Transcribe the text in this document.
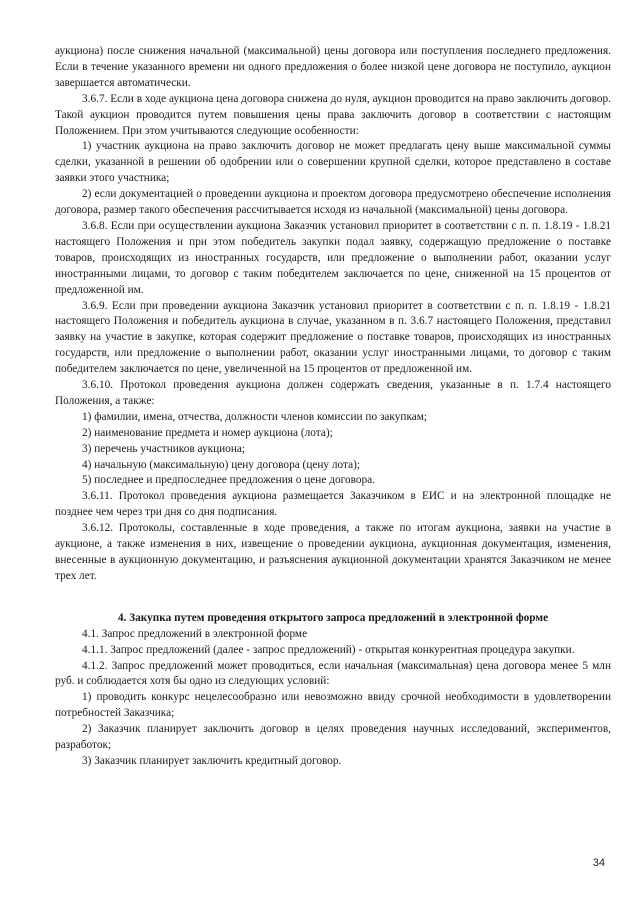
аукциона) после снижения начальной (максимальной) цены договора или поступления последнего предложения. Если в течение указанного времени ни одного предложения о более низкой цене договора не поступило, аукцион завершается автоматически.

3.6.7. Если в ходе аукциона цена договора снижена до нуля, аукцион проводится на право заключить договор. Такой аукцион проводится путем повышения цены права заключить договор в соответствии с настоящим Положением. При этом учитываются следующие особенности:

1) участник аукциона на право заключить договор не может предлагать цену выше максимальной суммы сделки, указанной в решении об одобрении или о совершении крупной сделки, которое представлено в составе заявки этого участника;

2) если документацией о проведении аукциона и проектом договора предусмотрено обеспечение исполнения договора, размер такого обеспечения рассчитывается исходя из начальной (максимальной) цены договора.

3.6.8. Если при осуществлении аукциона Заказчик установил приоритет в соответствии с п. п. 1.8.19 - 1.8.21 настоящего Положения и при этом победитель закупки подал заявку, содержащую предложение о поставке товаров, происходящих из иностранных государств, или предложение о выполнении работ, оказании услуг иностранными лицами, то договор с таким победителем заключается по цене, сниженной на 15 процентов от предложенной им.

3.6.9. Если при проведении аукциона Заказчик установил приоритет в соответствии с п. п. 1.8.19 - 1.8.21 настоящего Положения и победитель аукциона в случае, указанном в п. 3.6.7 настоящего Положения, представил заявку на участие в закупке, которая содержит предложение о поставке товаров, происходящих из иностранных государств, или предложение о выполнении работ, оказании услуг иностранными лицами, то договор с таким победителем заключается по цене, увеличенной на 15 процентов от предложенной им.

3.6.10. Протокол проведения аукциона должен содержать сведения, указанные в п. 1.7.4 настоящего Положения, а также:

1) фамилии, имена, отчества, должности членов комиссии по закупкам;

2) наименование предмета и номер аукциона (лота);

3) перечень участников аукциона;

4) начальную (максимальную) цену договора (цену лота);

5) последнее и предпоследнее предложения о цене договора.

3.6.11. Протокол проведения аукциона размещается Заказчиком в ЕИС и на электронной площадке не позднее чем через три дня со дня подписания.

3.6.12. Протоколы, составленные в ходе проведения, а также по итогам аукциона, заявки на участие в аукционе, а также изменения в них, извещение о проведении аукциона, аукционная документация, изменения, внесенные в аукционную документацию, и разъяснения аукционной документации хранятся Заказчиком не менее трех лет.

4. Закупка путем проведения открытого запроса предложений в электронной форме

4.1. Запрос предложений в электронной форме

4.1.1. Запрос предложений (далее - запрос предложений) - открытая конкурентная процедура закупки.

4.1.2. Запрос предложений может проводиться, если начальная (максимальная) цена договора менее 5 млн руб. и соблюдается хотя бы одно из следующих условий:

1) проводить конкурс нецелесообразно или невозможно ввиду срочной необходимости в удовлетворении потребностей Заказчика;

2) Заказчик планирует заключить договор в целях проведения научных исследований, экспериментов, разработок;

3) Заказчик планирует заключить кредитный договор.

34
